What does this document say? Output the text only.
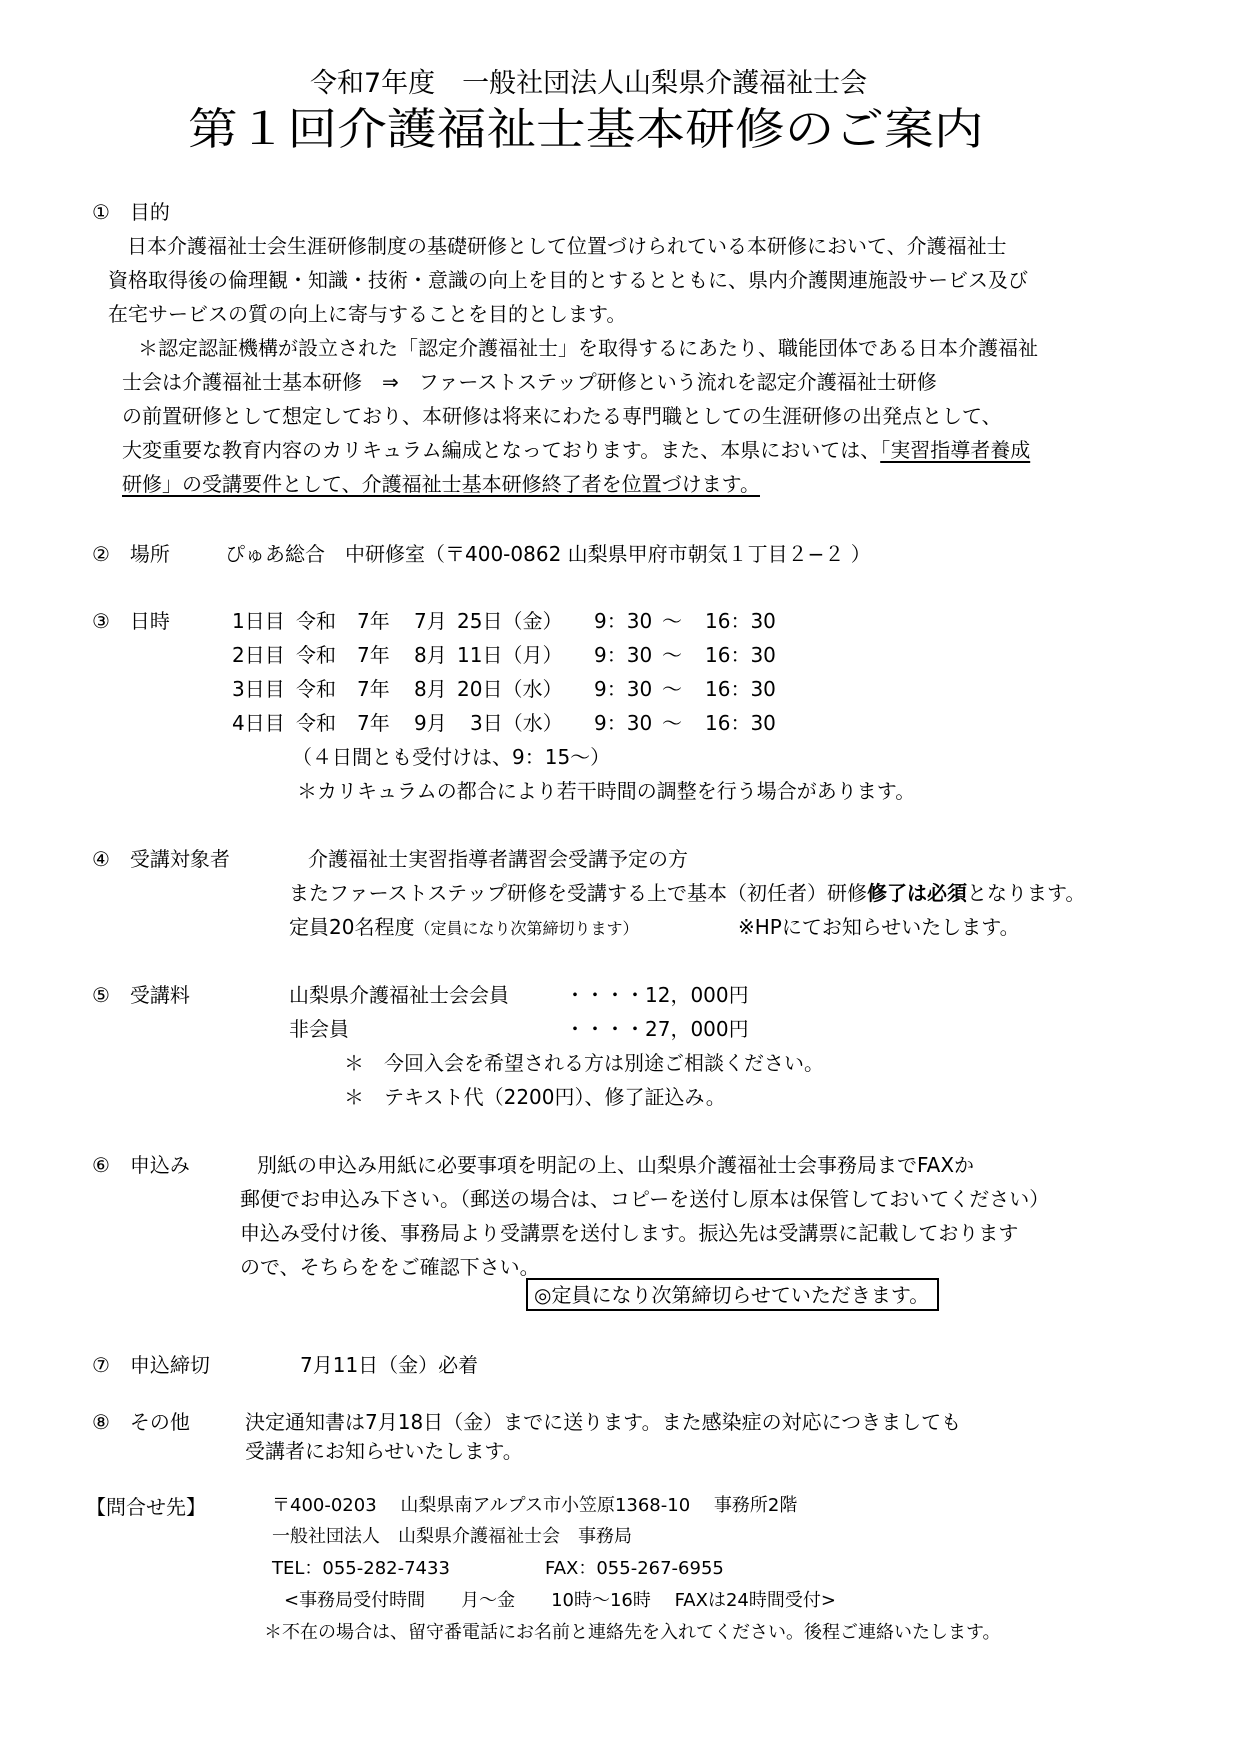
令和7年度　一般社団法人山梨県介護福祉士会
第１回介護福祉士基本研修のご案内
①　目的
日本介護福祉士会生涯研修制度の基礎研修として位置づけられている本研修において、介護福祉士
資格取得後の倫理観・知識・技術・意識の向上を目的とするとともに、県内介護関連施設サービス及び
在宅サービスの質の向上に寄与することを目的とします。
＊認定認証機構が設立された「認定介護福祉士」を取得するにあたり、職能団体である日本介護福祉
士会は介護福祉士基本研修　⇒　ファーストステップ研修という流れを認定介護福祉士研修
の前置研修として想定しており、本研修は将来にわたる専門職としての生涯研修の出発点として、
大変重要な教育内容のカリキュラム編成となっております。また、本県においては、「実習指導者養成
研修」の受講要件として、介護福祉士基本研修終了者を位置づけます。
②　場所	ぴゅあ総合　中研修室（〒400-0862 山梨県甲府市朝気１丁目２−２ ）
③　日時	1日目 令和 7年 7月 25日（金） 9：30 〜 16：30
2日目 令和 7年 8月 11日（月） 9：30 〜 16：30
3日目 令和 7年 8月 20日（水） 9：30 〜 16：30
4日目 令和 7年 9月 3日（水） 9：30 〜 16：30
（４日間とも受付けは、9：15〜）
＊カリキュラムの都合により若干時間の調整を行う場合があります。
④　受講対象者	介護福祉士実習指導者講習会受講予定の方
またファーストステップ研修を受講する上で基本（初任者）研修修了は必須となります。
定員20名程度（定員になり次第締切ります）	※HPにてお知らせいたします。
⑤　受講料	山梨県介護福祉士会会員	・・・・12，000円
非会員	・・・・27，000円
＊　今回入会を希望される方は別途ご相談ください。
＊　テキスト代（2200円）、修了証込み。
⑥　申込み	別紙の申込み用紙に必要事項を明記の上、山梨県介護福祉士会事務局までFAXか
郵便でお申込み下さい。（郵送の場合は、コピーを送付し原本は保管しておいてください）
申込み受付け後、事務局より受講票を送付します。振込先は受講票に記載しております
ので、そちらををご確認下さい。
◎定員になり次第締切らせていただきます。
⑦　申込締切	7月11日（金）必着
⑧　その他	決定通知書は7月18日（金）までに送ります。また感染症の対応につきましても
受講者にお知らせいたします。
【問合せ先】	〒400-0203　 山梨県南アルプス市小笠原1368-10　 事務所2階
一般社団法人　山梨県介護福祉士会　事務局
TEL：055-282-7433	FAX：055-267-6955
<事務局受付時間　　月〜金　　10時〜16時　 FAXは24時間受付>
＊不在の場合は、留守番電話にお名前と連絡先を入れてください。後程ご連絡いたします。
